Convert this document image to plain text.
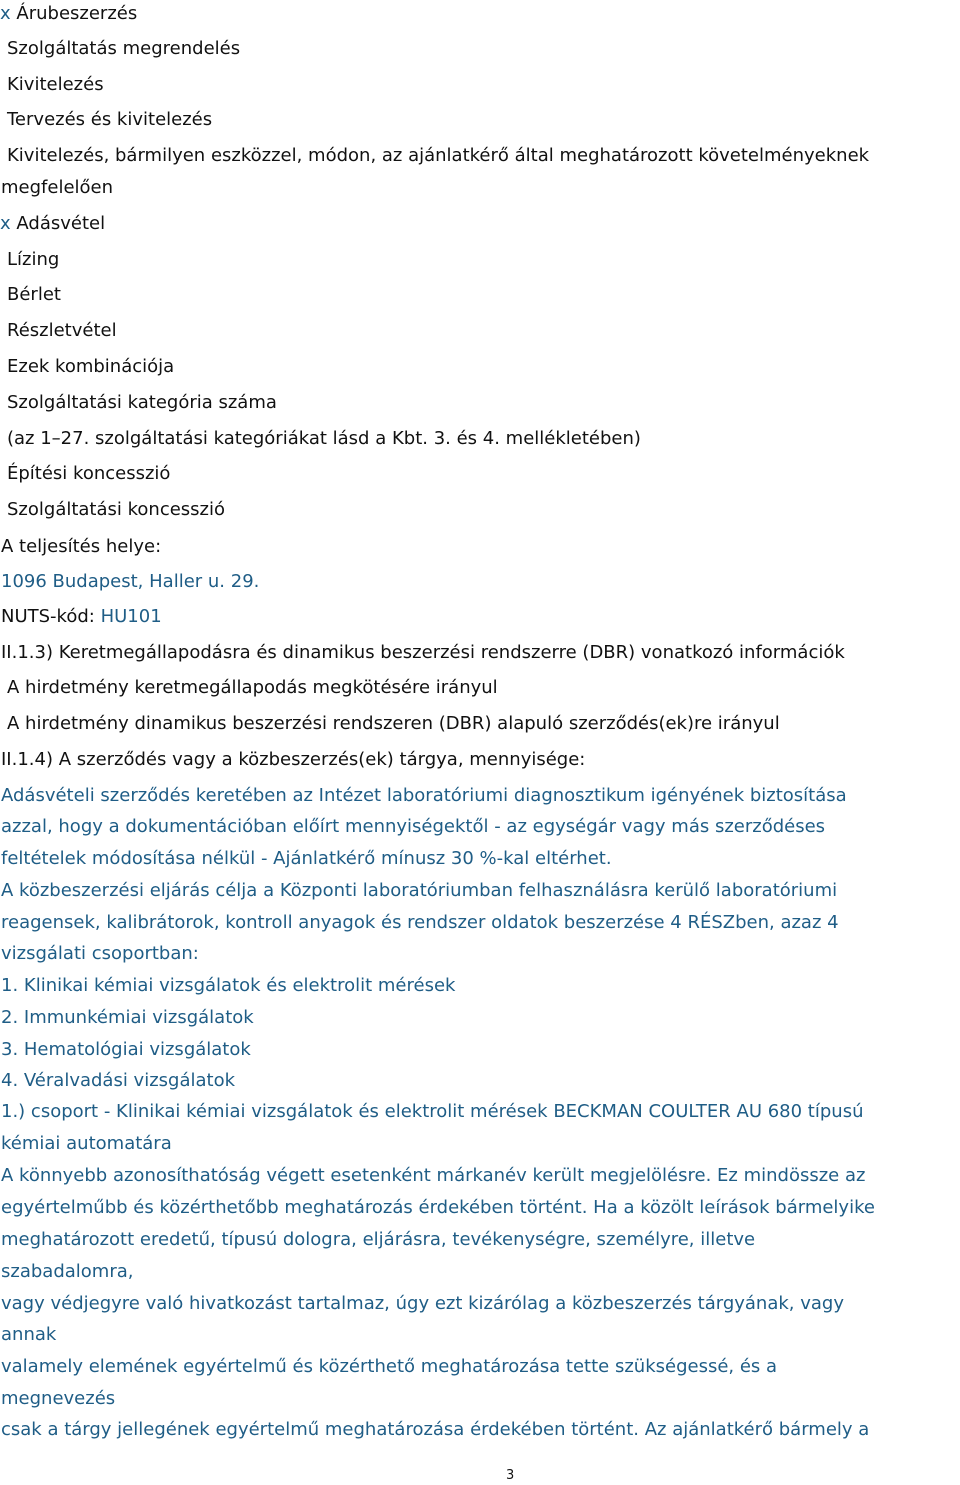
x Árubeszerzés
Szolgáltatás megrendelés
Kivitelezés
Tervezés és kivitelezés
Kivitelezés, bármilyen eszközzel, módon, az ajánlatkérő által meghatározott követelményeknek
megfelelően
x Adásvétel
Lízing
Bérlet
Részletvétel
Ezek kombinációja
Szolgáltatási kategória száma
(az 1–27. szolgáltatási kategóriákat lásd a Kbt. 3. és 4. mellékletében)
Építési koncesszió
Szolgáltatási koncesszió
A teljesítés helye:
1096 Budapest, Haller u. 29.
NUTS-kód: HU101
II.1.3) Keretmegállapodásra és dinamikus beszerzési rendszerre (DBR) vonatkozó információk
A hirdetmény keretmegállapodás megkötésére irányul
A hirdetmény dinamikus beszerzési rendszeren (DBR) alapuló szerződés(ek)re irányul
II.1.4) A szerződés vagy a közbeszerzés(ek) tárgya, mennyisége:
Adásvételi szerződés keretében az Intézet laboratóriumi diagnosztikum igényének biztosítása
azzal, hogy a dokumentációban előírt mennyiségektől - az egységár vagy más szerződéses
feltételek módosítása nélkül - Ajánlatkérő mínusz 30 %-kal eltérhet.
A közbeszerzési eljárás célja a Központi laboratóriumban felhasználásra kerülő laboratóriumi
reagensek, kalibrátorok, kontroll anyagok és rendszer oldatok beszerzése 4 RÉSZben, azaz 4
vizsgálati csoportban:
1. Klinikai kémiai vizsgálatok és elektrolit mérések
2. Immunkémiai vizsgálatok
3. Hematológiai vizsgálatok
4. Véralvadási vizsgálatok
1.) csoport - Klinikai kémiai vizsgálatok és elektrolit mérések BECKMAN COULTER AU 680 típusú
kémiai automatára
A könnyebb azonosíthatóság végett esetenként márkanév került megjelölésre. Ez mindössze az
egyértelműbb és közérthetőbb meghatározás érdekében történt. Ha a közölt leírások bármelyike
meghatározott eredetű, típusú dologra, eljárásra, tevékenységre, személyre, illetve
szabadalomra,
vagy védjegyre való hivatkozást tartalmaz, úgy ezt kizárólag a közbeszerzés tárgyának, vagy
annak
valamely elemének egyértelmű és közérthető meghatározása tette szükségessé, és a
megnevezés
csak a tárgy jellegének egyértelmű meghatározása érdekében történt. Az ajánlatkérő bármely a
3
